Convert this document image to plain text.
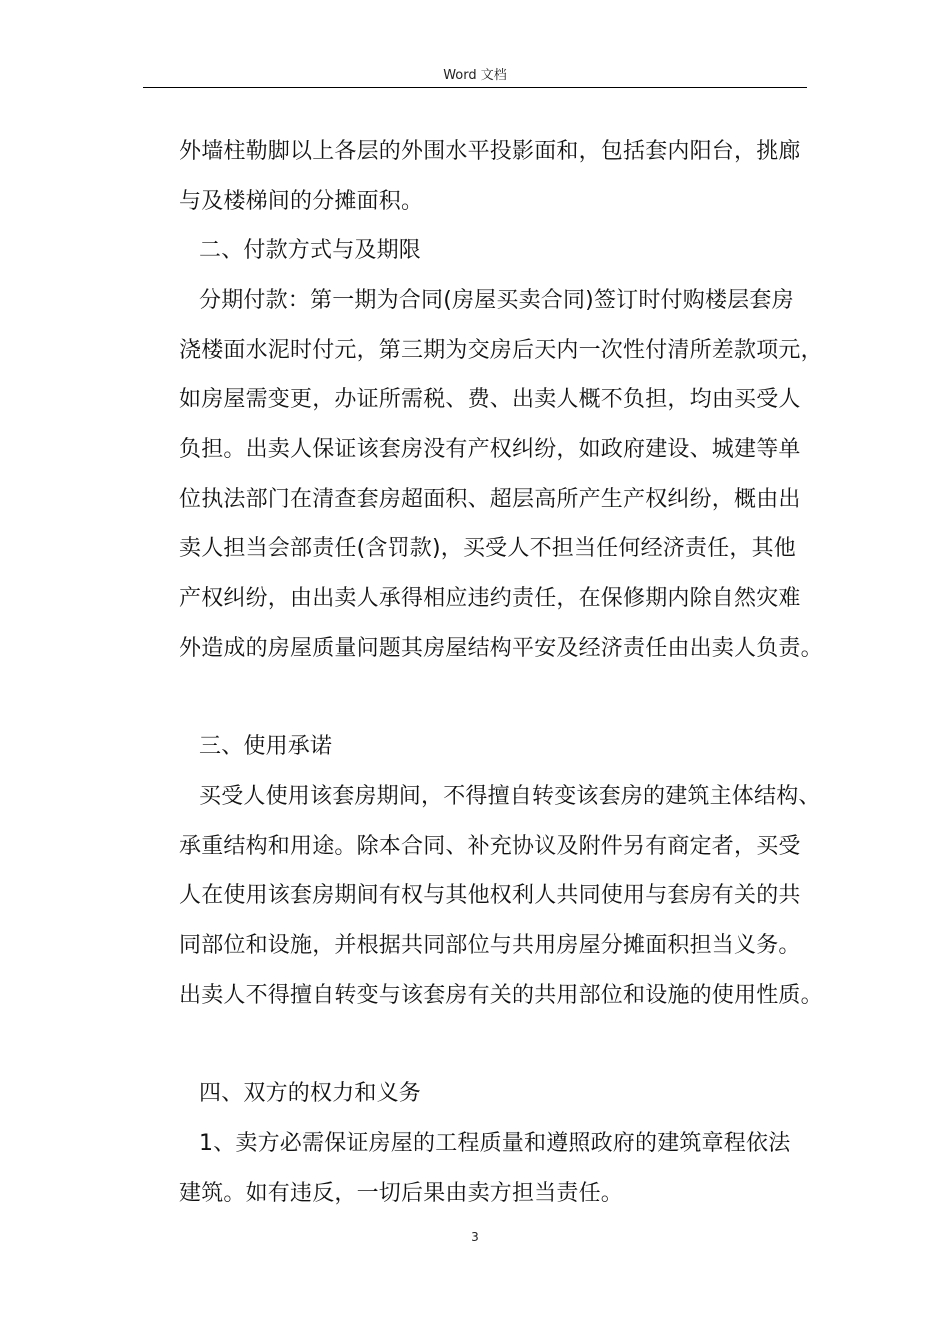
Word 文档
外墙柱勒脚以上各层的外围水平投影面和，包括套内阳台，挑廊
与及楼梯间的分摊面积。
二、付款方式与及期限
分期付款：第一期为合同(房屋买卖合同)签订时付购楼层套房
浇楼面水泥时付元，第三期为交房后天内一次性付清所差款项元，
如房屋需变更，办证所需税、费、出卖人概不负担，均由买受人
负担。出卖人保证该套房没有产权纠纷，如政府建设、城建等单
位执法部门在清查套房超面积、超层高所产生产权纠纷，概由出
卖人担当会部责任(含罚款)，买受人不担当任何经济责任，其他
产权纠纷，由出卖人承得相应违约责任，在保修期内除自然灾难
外造成的房屋质量问题其房屋结构平安及经济责任由出卖人负责。
三、使用承诺
买受人使用该套房期间，不得擅自转变该套房的建筑主体结构、
承重结构和用途。除本合同、补充协议及附件另有商定者，买受
人在使用该套房期间有权与其他权利人共同使用与套房有关的共
同部位和设施，并根据共同部位与共用房屋分摊面积担当义务。
出卖人不得擅自转变与该套房有关的共用部位和设施的使用性质。
四、双方的权力和义务
1、卖方必需保证房屋的工程质量和遵照政府的建筑章程依法
建筑。如有违反，一切后果由卖方担当责任。
3
